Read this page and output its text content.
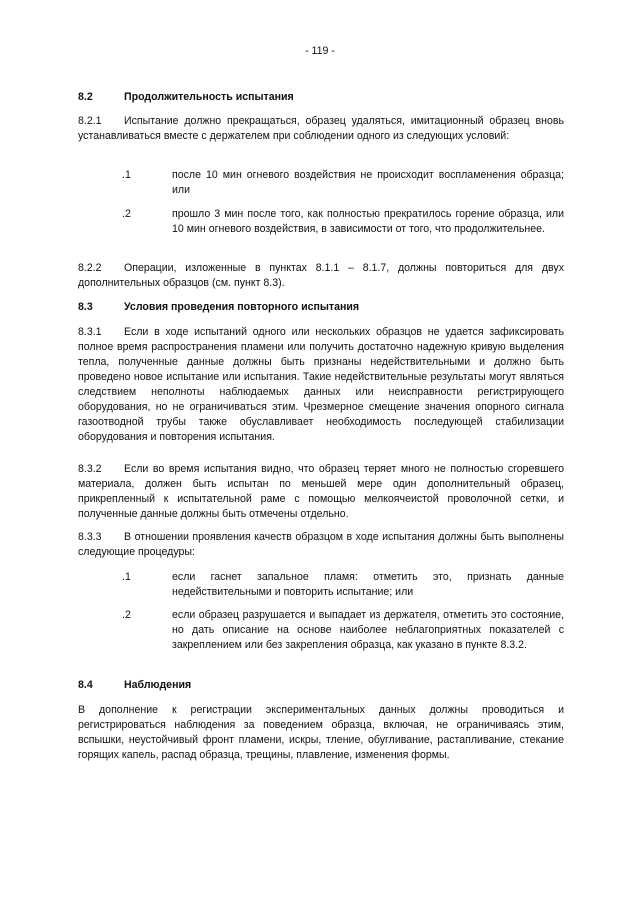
- 119 -
8.2	Продолжительность испытания
8.2.1 Испытание должно прекращаться, образец удаляться, имитационный образец вновь устанавливаться вместе с держателем при соблюдении одного из следующих условий:
.1	после 10 мин огневого воздействия не происходит воспламенения образца; или
.2	прошло 3 мин после того, как полностью прекратилось горение образца, или 10 мин огневого воздействия, в зависимости от того, что продолжительнее.
8.2.2 Операции, изложенные в пунктах 8.1.1 – 8.1.7, должны повториться для двух дополнительных образцов (см. пункт 8.3).
8.3	Условия проведения повторного испытания
8.3.1 Если в ходе испытаний одного или нескольких образцов не удается зафиксировать полное время распространения пламени или получить достаточно надежную кривую выделения тепла, полученные данные должны быть признаны недействительными и должно быть проведено новое испытание или испытания. Такие недействительные результаты могут являться следствием неполноты наблюдаемых данных или неисправности регистрирующего оборудования, но не ограничиваться этим. Чрезмерное смещение значения опорного сигнала газоотводной трубы также обуславливает необходимость последующей стабилизации оборудования и повторения испытания.
8.3.2 Если во время испытания видно, что образец теряет много не полностью сгоревшего материала, должен быть испытан по меньшей мере один дополнительный образец, прикрепленный к испытательной раме с помощью мелкоячеистой проволочной сетки, и полученные данные должны быть отмечены отдельно.
8.3.3 В отношении проявления качеств образцом в ходе испытания должны быть выполнены следующие процедуры:
.1	если гаснет запальное пламя: отметить это, признать данные недействительными и повторить испытание; или
.2	если образец разрушается и выпадает из держателя, отметить это состояние, но дать описание на основе наиболее неблагоприятных показателей с закреплением или без закрепления образца, как указано в пункте 8.3.2.
8.4	Наблюдения
В дополнение к регистрации экспериментальных данных должны проводиться и регистрироваться наблюдения за поведением образца, включая, не ограничиваясь этим, вспышки, неустойчивый фронт пламени, искры, тление, обугливание, растапливание, стекание горящих капель, распад образца, трещины, плавление, изменения формы.
